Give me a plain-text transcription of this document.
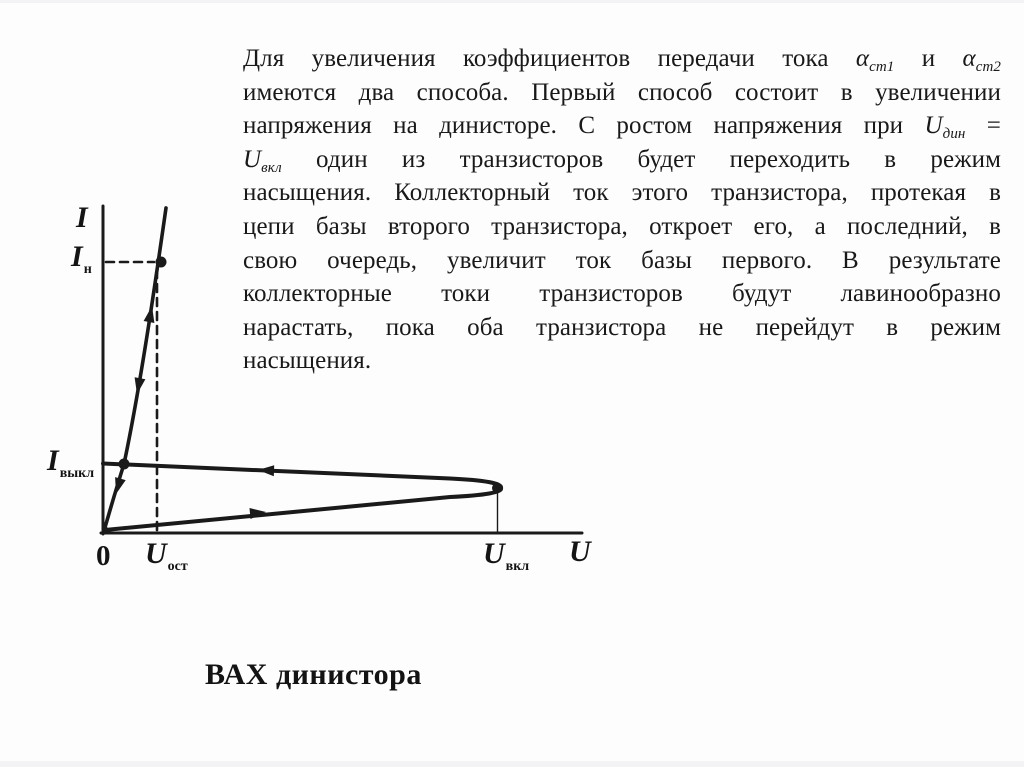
Для увеличения коэффициентов передачи тока $\alpha_{ст1}$ и $\alpha_{ст2}$
имеются два способа. Первый способ состоит в увеличении
напряжения на динисторе. С ростом напряжения при $U_{дин}$ =
$U_{вкл}$ один из транзисторов будет переходить в режим
насыщения. Коллекторный ток этого транзистора, протекая в
цепи базы второго транзистора, откроет его, а последний, в
свою очередь, увеличит ток базы первого. В результате
коллекторные токи транзисторов будут лавинообразно
нарастать, пока оба транзистора не перейдут в режим
насыщения.
I
$I_н$
$I_{выкл}$
0 $U_{ост}$	$U_{вкл}$ U
ВАХ динистора
